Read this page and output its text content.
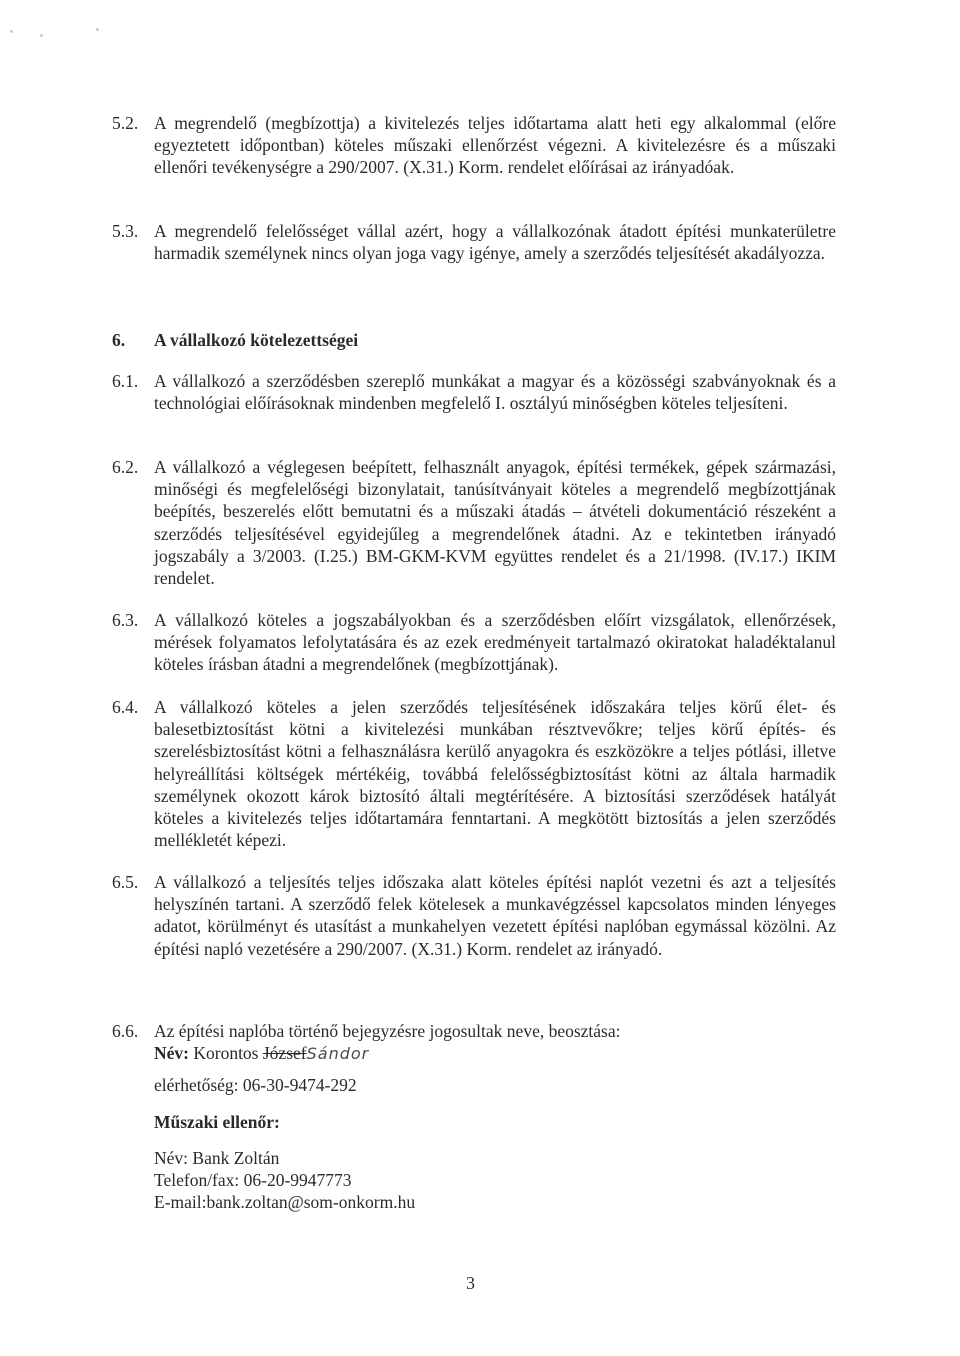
5.2. A megrendelő (megbízottja) a kivitelezés teljes időtartama alatt heti egy alkalommal (előre egyeztetett időpontban) köteles műszaki ellenőrzést végezni. A kivitelezésre és a műszaki ellenőri tevékenységre a 290/2007. (X.31.) Korm. rendelet előírásai az irányadóak.
5.3. A megrendelő felelősséget vállal azért, hogy a vállalkozónak átadott építési munkaterületre harmadik személynek nincs olyan joga vagy igénye, amely a szerződés teljesítését akadályozza.
6. A vállalkozó kötelezettségei
6.1. A vállalkozó a szerződésben szereplő munkákat a magyar és a közösségi szabványoknak és a technológiai előírásoknak mindenben megfelelő I. osztályú minőségben köteles teljesíteni.
6.2. A vállalkozó a véglegesen beépített, felhasznált anyagok, építési termékek, gépek származási, minőségi és megfelelőségi bizonylatait, tanúsítványait köteles a megrendelő megbízottjának beépítés, beszerelés előtt bemutatni és a műszaki átadás – átvételi dokumentáció részeként a szerződés teljesítésével egyidejűleg a megrendelőnek átadni. Az e tekintetben irányadó jogszabály a 3/2003. (I.25.) BM-GKM-KVM együttes rendelet és a 21/1998. (IV.17.) IKIM rendelet.
6.3. A vállalkozó köteles a jogszabályokban és a szerződésben előírt vizsgálatok, ellenőrzések, mérések folyamatos lefolytatására és az ezek eredményeit tartalmazó okiratokat haladéktalanul köteles írásban átadni a megrendelőnek (megbízottjának).
6.4. A vállalkozó köteles a jelen szerződés teljesítésének időszakára teljes körű élet- és balesetbiztosítást kötni a kivitelezési munkában résztvevőkre; teljes körű építés- és szerelésbiztosítást kötni a felhasználásra kerülő anyagokra és eszközökre a teljes pótlási, illetve helyreállítási költségek mértékéig, továbbá felelősségbiztosítást kötni az általa harmadik személynek okozott károk biztosító általi megtérítésére. A biztosítási szerződések hatályát köteles a kivitelezés teljes időtartamára fenntartani. A megkötött biztosítás a jelen szerződés mellékletét képezi.
6.5. A vállalkozó a teljesítés teljes időszaka alatt köteles építési naplót vezetni és azt a teljesítés helyszínén tartani. A szerződő felek kötelesek a munkavégzéssel kapcsolatos minden lényeges adatot, körülményt és utasítást a munkahelyen vezetett építési naplóban egymással közölni. Az építési napló vezetésére a 290/2007. (X.31.) Korm. rendelet az irányadó.
6.6. Az építési naplóba történő bejegyzésre jogosultak neve, beosztása:
Név: Korontos JózsefSándor
elérhetőség: 06-30-9474-292
Műszaki ellenőr:
Név: Bank Zoltán
Telefon/fax: 06-20-9947773
E-mail:bank.zoltan@som-onkorm.hu
3
